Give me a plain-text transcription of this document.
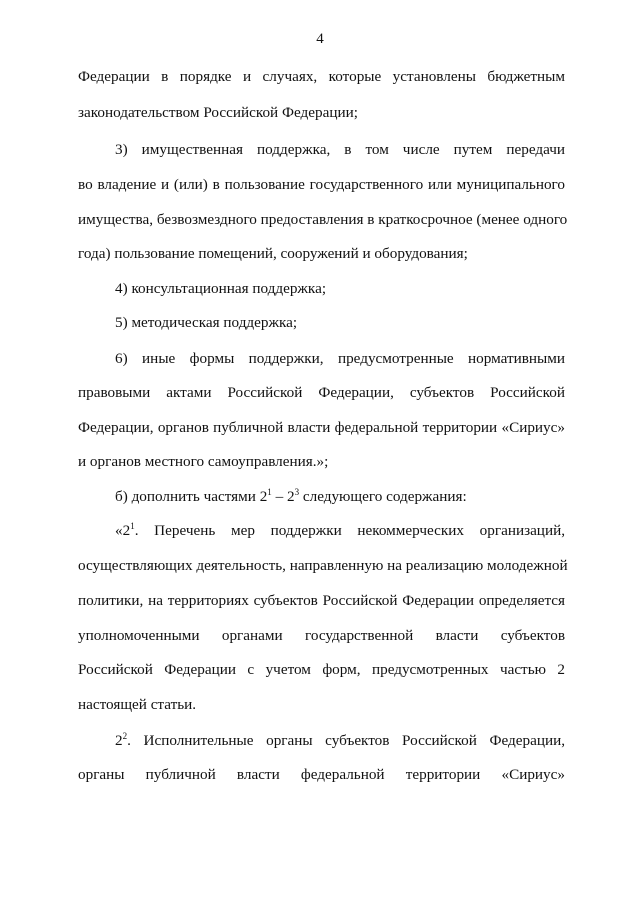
4
Федерации в порядке и случаях, которые установлены бюджетным
законодательством Российской Федерации;
3) имущественная поддержка, в том числе путем передачи
во владение и (или) в пользование государственного или муниципального
имущества, безвозмездного предоставления в краткосрочное (менее одного
года) пользование помещений, сооружений и оборудования;
4) консультационная поддержка;
5) методическая поддержка;
6) иные формы поддержки, предусмотренные нормативными
правовыми актами Российской Федерации, субъектов Российской
Федерации, органов публичной власти федеральной территории «Сириус»
и органов местного самоуправления.»;
б) дополнить частями $2^1 - 2^3$ следующего содержания:
«$2^1$. Перечень мер поддержки некоммерческих организаций,
осуществляющих деятельность, направленную на реализацию молодежной
политики, на территориях субъектов Российской Федерации определяется
уполномоченными органами государственной власти субъектов
Российской Федерации с учетом форм, предусмотренных частью 2
настоящей статьи.
$2^2$. Исполнительные органы субъектов Российской Федерации,
органы публичной власти федеральной территории «Сириус»
